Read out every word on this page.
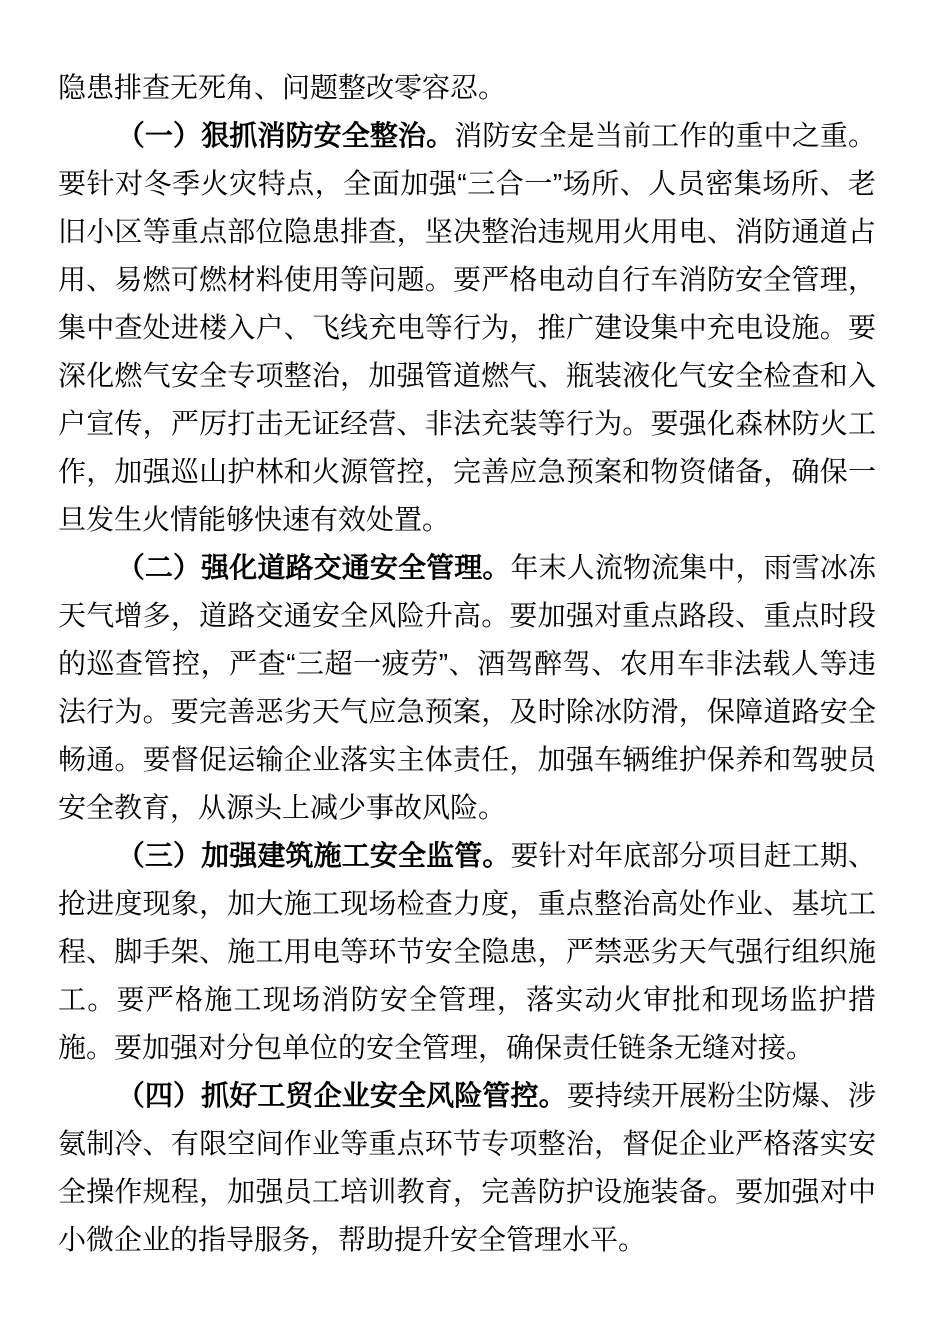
隐患排查无死角、问题整改零容忍。

（一）狠抓消防安全整治。消防安全是当前工作的重中之重。要针对冬季火灾特点，全面加强“三合一”场所、人员密集场所、老旧小区等重点部位隐患排查，坚决整治违规用火用电、消防通道占用、易燃可燃材料使用等问题。要严格电动自行车消防安全管理，集中查处进楼入户、飞线充电等行为，推广建设集中充电设施。要深化燃气安全专项整治，加强管道燃气、瓶装液化气安全检查和入户宣传，严厉打击无证经营、非法充装等行为。要强化森林防火工作，加强巡山护林和火源管控，完善应急预案和物资储备，确保一旦发生火情能够快速有效处置。

（二）强化道路交通安全管理。年末人流物流集中，雨雪冰冻天气增多，道路交通安全风险升高。要加强对重点路段、重点时段的巡查管控，严查“三超一疲劳”、酒驾醉驾、农用车非法载人等违法行为。要完善恶劣天气应急预案，及时除冰防滑，保障道路安全畅通。要督促运输企业落实主体责任，加强车辆维护保养和驾驶员安全教育，从源头上减少事故风险。

（三）加强建筑施工安全监管。要针对年底部分项目赶工期、抢进度现象，加大施工现场检查力度，重点整治高处作业、基坑工程、脚手架、施工用电等环节安全隐患，严禁恶劣天气强行组织施工。要严格施工现场消防安全管理，落实动火审批和现场监护措施。要加强对分包单位的安全管理，确保责任链条无缝对接。

（四）抓好工贸企业安全风险管控。要持续开展粉尘防爆、涉氨制冷、有限空间作业等重点环节专项整治，督促企业严格落实安全操作规程，加强员工培训教育，完善防护设施装备。要加强对中小微企业的指导服务，帮助提升安全管理水平。
